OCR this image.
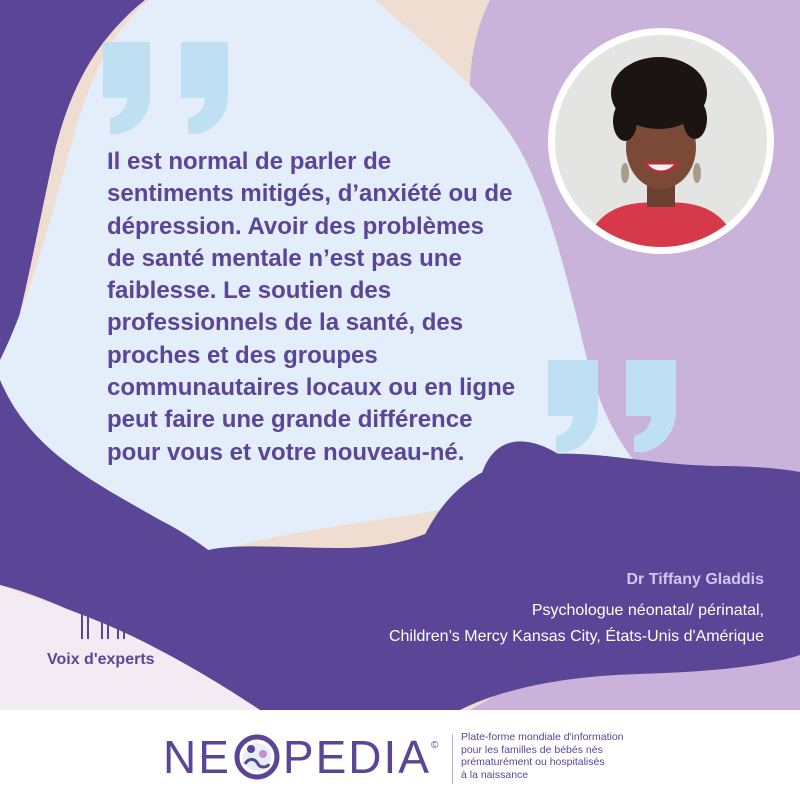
Il est normal de parler de
sentiments mitigés, d’anxiété ou de
dépression. Avoir des problèmes
de santé mentale n’est pas une
faiblesse. Le soutien des
professionnels de la santé, des
proches et des groupes
communautaires locaux ou en ligne
peut faire une grande différence
pour vous et votre nouveau-né.

Dr Tiffany Gladdis

Psychologue néonatal/ périnatal,

Children’s Mercy Kansas City, États-Unis d'Amérique

Voix d'experts

NE PEDIA ©

Plate-forme mondiale d'information
pour les familles de bébés nés
prématurément ou hospitalisés
à la naissance
